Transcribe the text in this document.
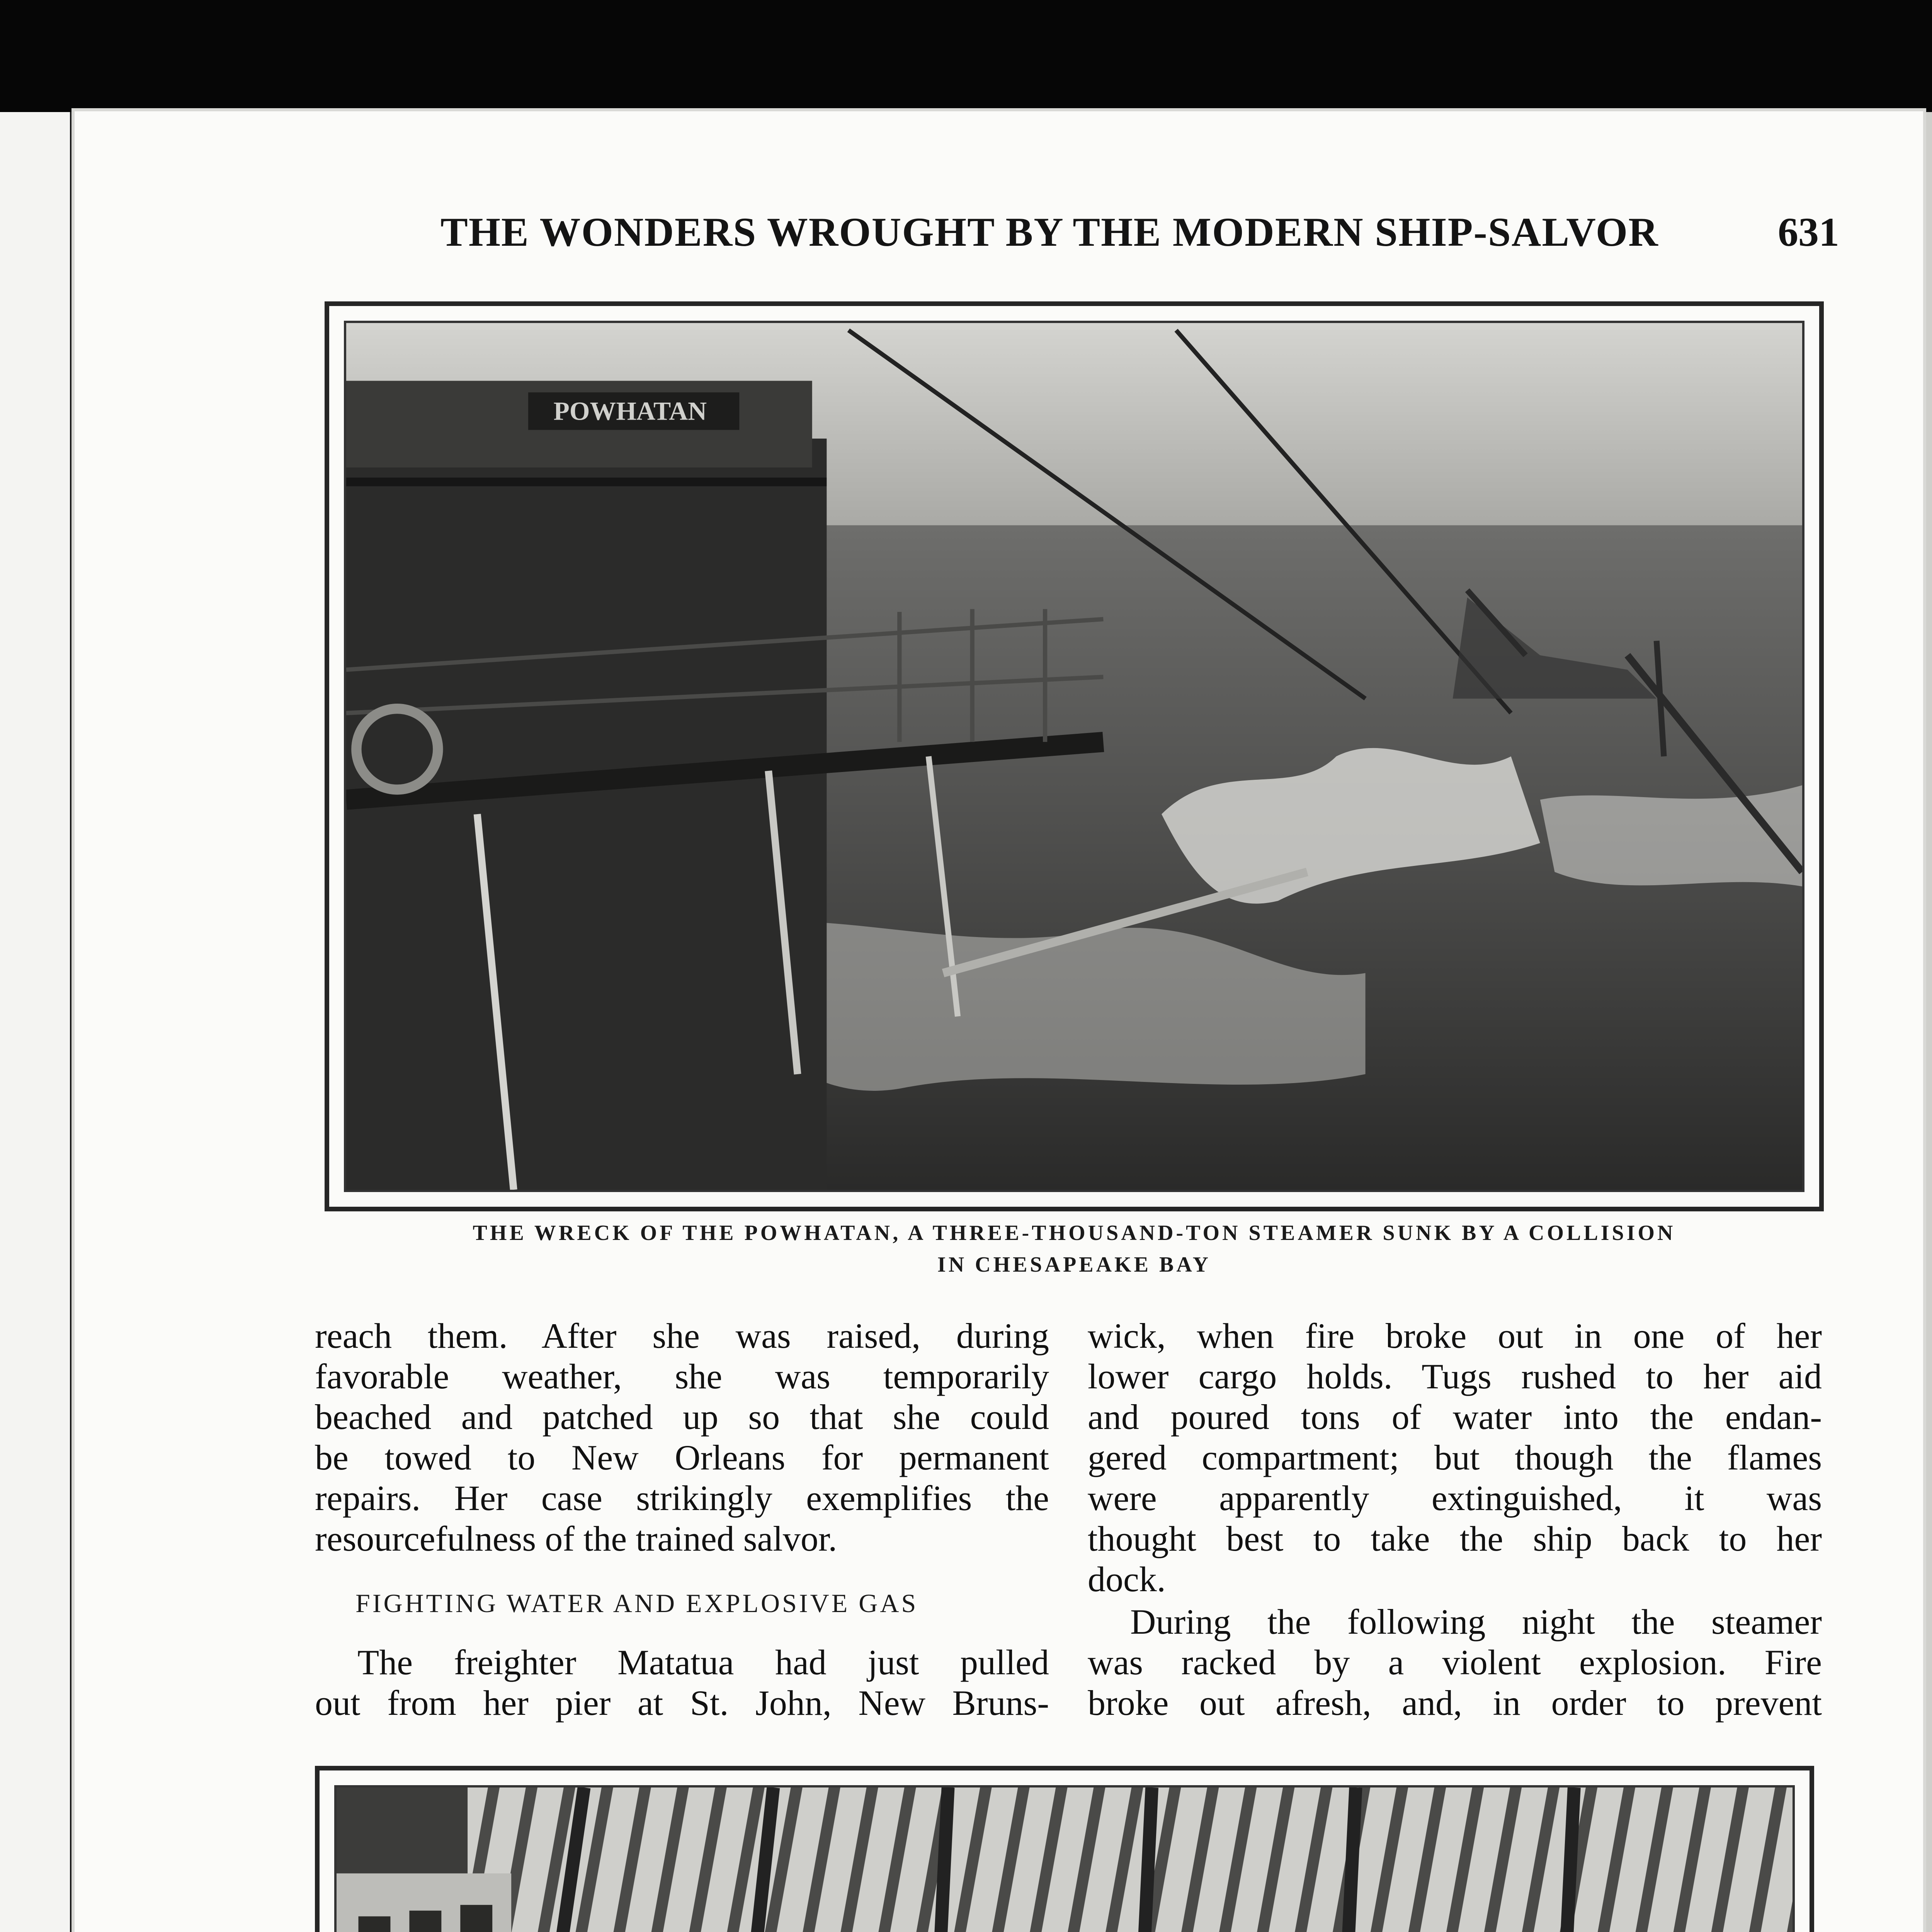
THE WONDERS WROUGHT BY THE MODERN SHIP-SALVOR	631
POWHATAN
THE WRECK OF THE POWHATAN, A THREE-THOUSAND-TON STEAMER SUNK BY A COLLISION
IN CHESAPEAKE BAY

reach them. After she was raised, during

favorable weather, she was temporarily

beached and patched up so that she could

be towed to New Orleans for permanent

repairs. Her case strikingly exemplifies the

resourcefulness of the trained salvor.

FIGHTING WATER AND EXPLOSIVE GAS

The freighter Matatua had just pulled

out from her pier at St. John, New Bruns-

wick, when fire broke out in one of her

lower cargo holds. Tugs rushed to her aid

and poured tons of water into the endan-

gered compartment; but though the flames

were apparently extinguished, it was

thought best to take the ship back to her

dock.

During the following night the steamer

was racked by a violent explosion. Fire

broke out afresh, and, in order to prevent
